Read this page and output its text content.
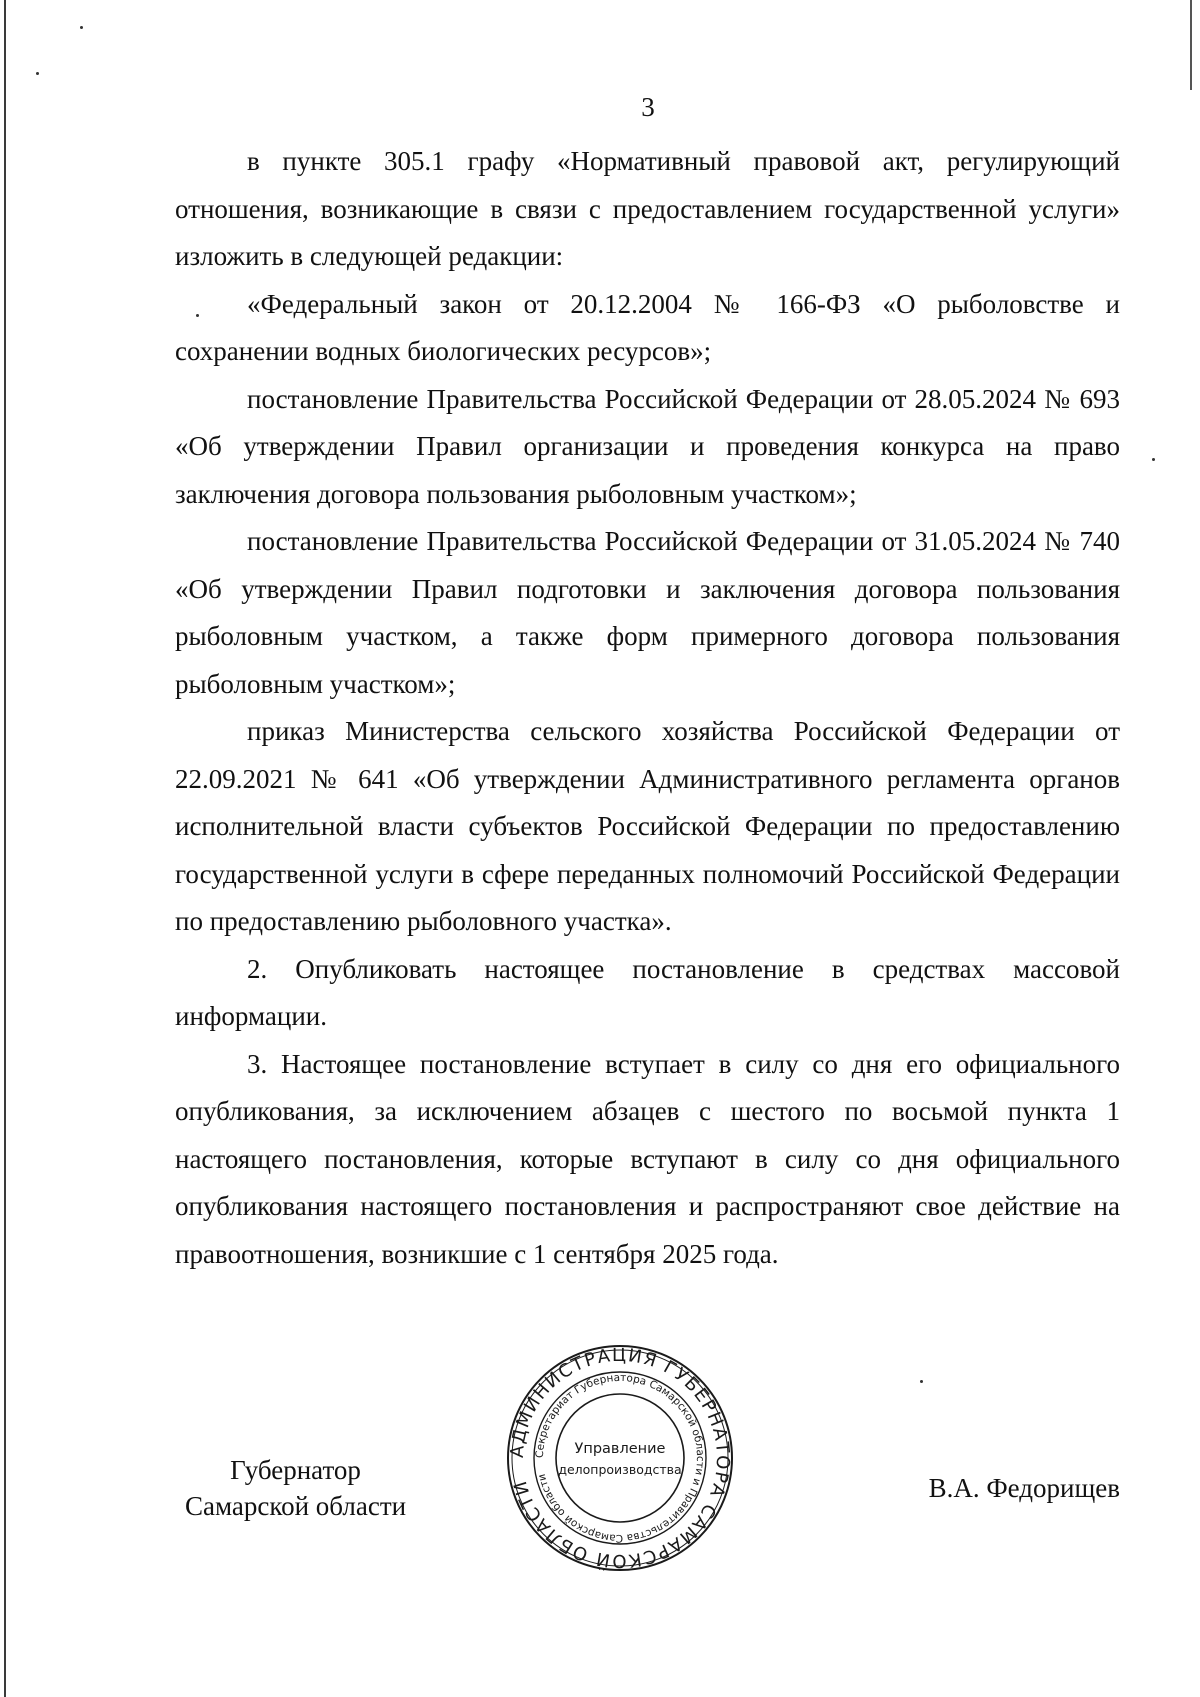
3

в пункте 305.1 графу «Нормативный правовой акт, регулирующий отношения, возникающие в связи с предоставлением государственной услуги» изложить в следующей редакции:

«Федеральный закон от 20.12.2004 № 166-ФЗ «О рыболовстве и сохранении водных биологических ресурсов»;

постановление Правительства Российской Федерации от 28.05.2024 № 693 «Об утверждении Правил организации и проведения конкурса на право заключения договора пользования рыболовным участком»;

постановление Правительства Российской Федерации от 31.05.2024 № 740 «Об утверждении Правил подготовки и заключения договора пользования рыболовным участком, а также форм примерного договора пользования рыболовным участком»;

приказ Министерства сельского хозяйства Российской Федерации от 22.09.2021 № 641 «Об утверждении Административного регламента органов исполнительной власти субъектов Российской Федерации по предоставлению государственной услуги в сфере переданных полномочий Российской Федерации по предоставлению рыболовного участка».

2. Опубликовать настоящее постановление в средствах массовой информации.

3. Настоящее постановление вступает в силу со дня его официального опубликования, за исключением абзацев с шестого по восьмой пункта 1 настоящего постановления, которые вступают в силу со дня официального опубликования настоящего постановления и распространяют свое действие на правоотношения, возникшие с 1 сентября 2025 года.

Губернатор
Самарской области
В.А. Федорищев
АДМИНИСТРАЦИЯ ГУБЕРНАТОРА САМАРСКОЙ ОБЛАСТИ
Секретариат Губернатора Самарской области и Правительства Самарской области
Управление
делопроизводства
